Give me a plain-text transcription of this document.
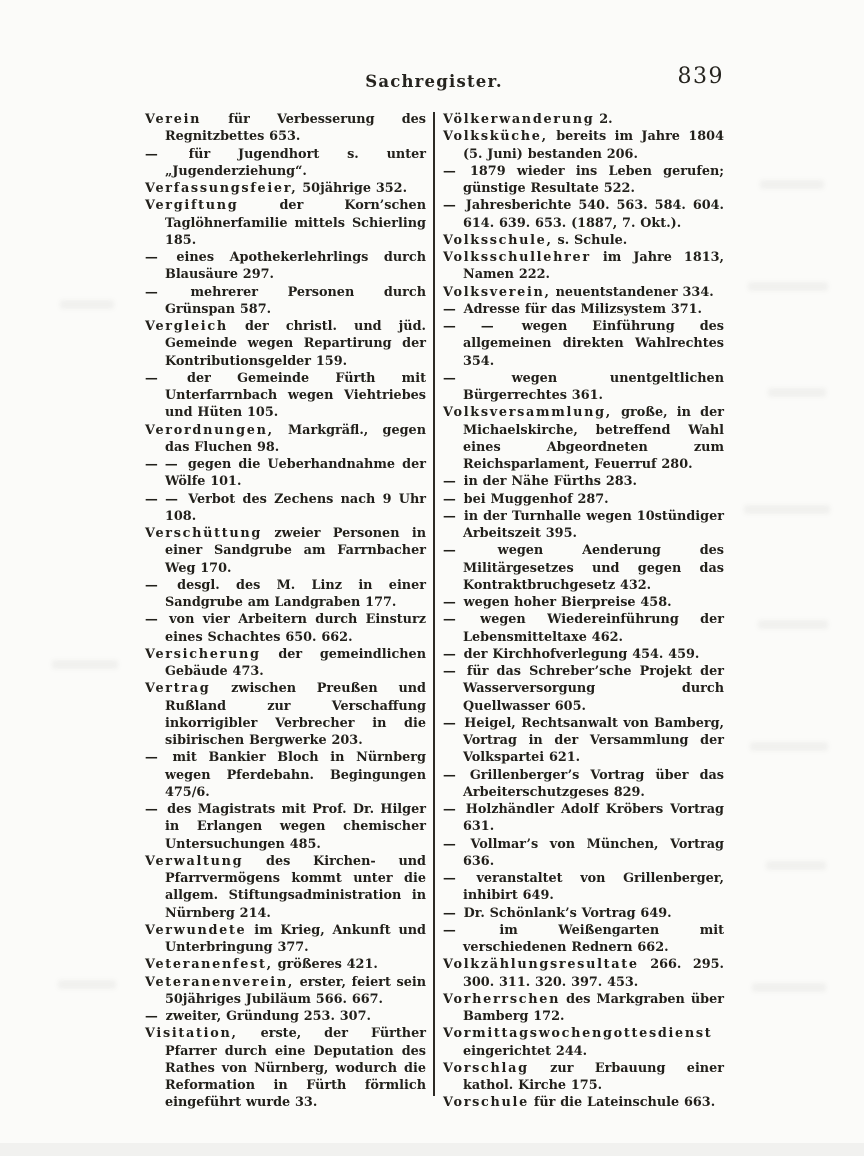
Sachregister.	839

Verein für Verbesserung des Regnitzbettes 653.

— für Jugendhort s. unter „Jugenderziehung“.

Verfassungsfeier, 50jährige 352.

Vergiftung	der Korn’schen Taglöhnerfamilie mittels Schierling 185.

— eines Apothekerlehrlings durch Blausäure 297.

— mehrerer Personen durch Grünspan 587.

Vergleich der christl. und jüd. Gemeinde wegen Repartirung der Kontributionsgelder 159.

— der Gemeinde Fürth mit Unterfarrnbach wegen Viehtriebes und Hüten 105.

Verordnungen, Markgräfl., gegen das Fluchen 98.

— — gegen die Ueberhandnahme der Wölfe 101.

— — Verbot des Zechens nach 9 Uhr 108.

Verschüttung zweier Personen in einer Sandgrube am Farrnbacher Weg 170.

— desgl. des M. Linz in einer Sandgrube am Landgraben 177.

— von vier Arbeitern durch Einsturz eines Schachtes 650. 662.

Versicherung der gemeindlichen Gebäude 473.

Vertrag zwischen Preußen und Rußland zur Verschaffung inkorrigibler Verbrecher in die sibirischen Bergwerke 203.

— mit Bankier Bloch in Nürnberg wegen Pferdebahn. Begingungen 475/6.

— des Magistrats mit Prof. Dr. Hilger in Erlangen wegen chemischer Untersuchungen 485.

Verwaltung des Kirchen- und Pfarrvermögens kommt unter die allgem. Stiftungsadministration in Nürnberg 214.

Verwundete im Krieg, Ankunft und Unterbringung 377.

Veteranenfest, größeres 421.

Veteranenverein, erster, feiert sein 50jähriges Jubiläum 566. 667.

— zweiter, Gründung 253. 307.

Visitation, erste, der Fürther Pfarrer durch eine Deputation des Rathes von Nürnberg, wodurch die Reformation in Fürth förmlich eingeführt wurde 33.

Völkerwanderung 2.

Volksküche, bereits im Jahre 1804 (5. Juni) bestanden 206.

— 1879 wieder ins Leben gerufen; günstige Resultate 522.

— Jahresberichte 540. 563. 584. 604. 614. 639. 653. (1887, 7. Okt.).

Volksschule, s. Schule.

Volksschullehrer im Jahre 1813, Namen 222.

Volksverein, neuentstandener 334.

— Adresse für das Milizsystem 371.

— — wegen Einführung des allgemeinen direkten Wahlrechtes 354.

— wegen unentgeltlichen Bürgerrechtes 361.

Volksversammlung, große, in der Michaelskirche, betreffend Wahl eines Abgeordneten zum Reichsparlament, Feuerruf 280.

— in der Nähe Fürths 283.

— bei Muggenhof 287.

— in der Turnhalle wegen 10stündiger Arbeitszeit 395.

— wegen Aenderung des Militärgesetzes und gegen das Kontraktbruchgesetz 432.

— wegen hoher Bierpreise 458.

— wegen Wiedereinführung der Lebensmitteltaxe 462.

— der Kirchhofverlegung 454. 459.

— für das Schreber’sche Projekt der Wasserversorgung durch Quellwasser 605.

— Heigel, Rechtsanwalt von Bamberg, Vortrag in der Versammlung der Volkspartei 621.

— Grillenberger’s Vortrag über das Arbeiterschutzgeses 829.

— Holzhändler Adolf Kröbers Vortrag 631.

— Vollmar’s von München, Vortrag 636.

— veranstaltet von Grillenberger, inhibirt 649.

— Dr. Schönlank’s Vortrag 649.

— im Weißengarten mit verschiedenen Rednern 662.

Volkzählungsresultate 266. 295. 300. 311. 320. 397. 453.

Vorherrschen des Markgraben über Bamberg 172.

Vormittagswochengottesdienst eingerichtet 244.

Vorschlag zur Erbauung einer kathol. Kirche 175.

Vorschule für die Lateinschule 663.
